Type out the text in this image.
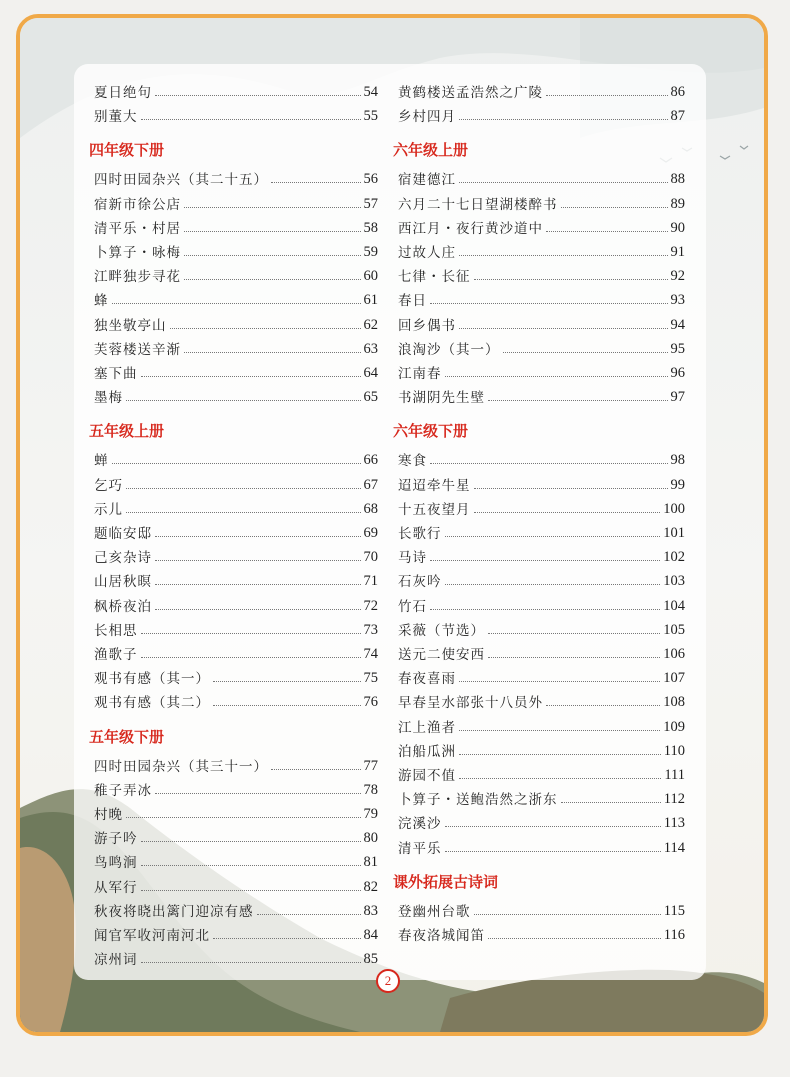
夏日绝句	54
别董大	55
四年级下册
四时田园杂兴（其二十五）	56
宿新市徐公店	57
清平乐・村居	58
卜算子・咏梅	59
江畔独步寻花	60
蜂	61
独坐敬亭山	62
芙蓉楼送辛渐	63
塞下曲	64
墨梅	65
五年级上册
蝉	66
乞巧	67
示儿	68
题临安邸	69
己亥杂诗	70
山居秋暝	71
枫桥夜泊	72
长相思	73
渔歌子	74
观书有感（其一）	75
观书有感（其二）	76
五年级下册
四时田园杂兴（其三十一）	77
稚子弄冰	78
村晚	79
游子吟	80
鸟鸣涧	81
从军行	82
秋夜将晓出篱门迎凉有感	83
闻官军收河南河北	84
凉州词	85
黄鹤楼送孟浩然之广陵	86
乡村四月	87
六年级上册
宿建德江	88
六月二十七日望湖楼醉书	89
西江月・夜行黄沙道中	90
过故人庄	91
七律・长征	92
春日	93
回乡偶书	94
浪淘沙（其一）	95
江南春	96
书湖阴先生壁	97
六年级下册
寒食	98
迢迢牵牛星	99
十五夜望月	100
长歌行	101
马诗	102
石灰吟	103
竹石	104
采薇（节选）	105
送元二使安西	106
春夜喜雨	107
早春呈水部张十八员外	108
江上渔者	109
泊船瓜洲	110
游园不值	111
卜算子・送鲍浩然之浙东	112
浣溪沙	113
清平乐	114
课外拓展古诗词
登幽州台歌	115
春夜洛城闻笛	116
2
